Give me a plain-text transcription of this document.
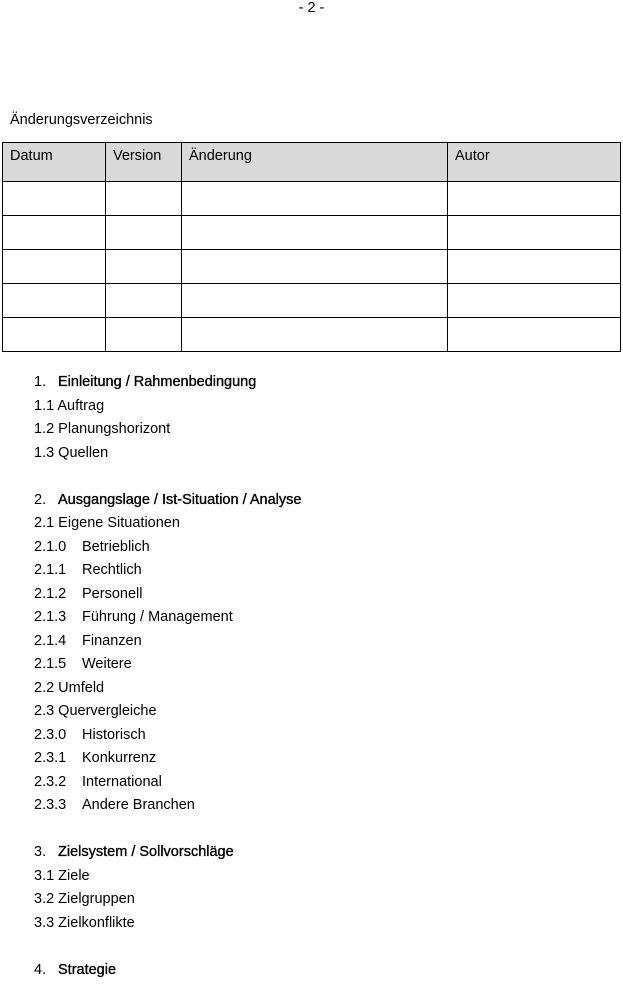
- 2 -
Änderungsverzeichnis
Datum	Version	Änderung	Autor

1. Einleitung / Rahmenbedingung
1.1 Auftrag
1.2 Planungshorizont
1.3 Quellen
2. Ausgangslage / Ist-Situation / Analyse
2.1 Eigene Situationen
2.1.0 Betrieblich
2.1.1 Rechtlich
2.1.2 Personell
2.1.3 Führung / Management
2.1.4 Finanzen
2.1.5 Weitere
2.2 Umfeld
2.3 Quervergleiche
2.3.0 Historisch
2.3.1 Konkurrenz
2.3.2 International
2.3.3 Andere Branchen
3. Zielsystem / Sollvorschläge
3.1 Ziele
3.2 Zielgruppen
3.3 Zielkonflikte
4. Strategie
